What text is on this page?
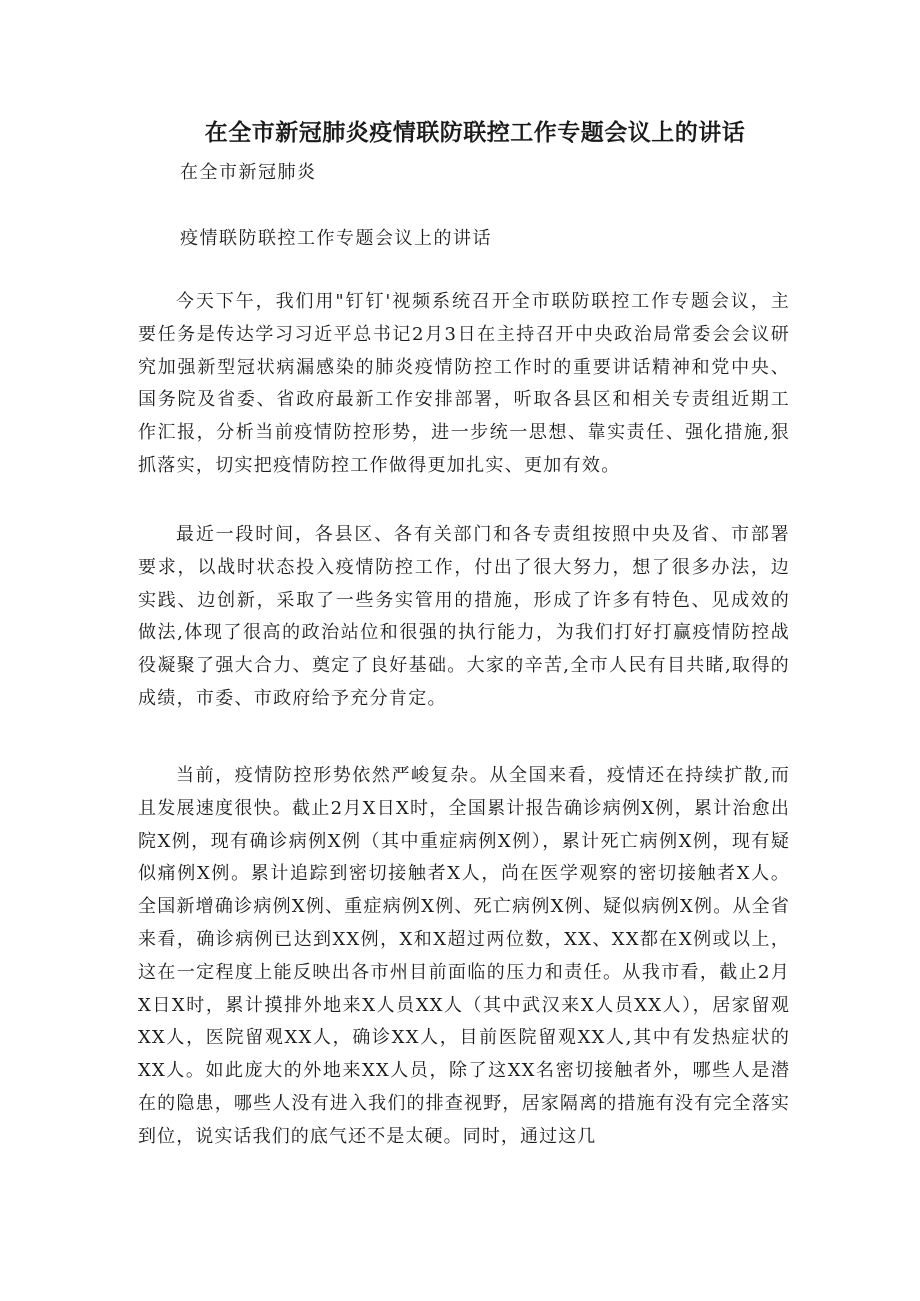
在全市新冠肺炎疫情联防联控工作专题会议上的讲话

在全市新冠肺炎

疫情联防联控工作专题会议上的讲话

今天下午，我们用"钉钉'视频系统召开全市联防联控工作专题会议，主要任务是传达学习习近平总书记2月3日在主持召开中央政治局常委会会议研究加强新型冠状病漏感染的肺炎疫情防控工作时的重要讲话精神和党中央、国务院及省委、省政府最新工作安排部署，听取各县区和相关专责组近期工作汇报，分析当前疫情防控形势，进一步统一思想、靠实责任、强化措施,狠抓落实，切实把疫情防控工作做得更加扎实、更加有效。

最近一段时间，各县区、各有关部门和各专责组按照中央及省、市部署要求，以战时状态投入疫情防控工作，付出了很大努力，想了很多办法，边实践、边创新，采取了一些务实管用的措施，形成了许多有特色、见成效的做法,体现了很高的政治站位和很强的执行能力，为我们打好打赢疫情防控战役凝聚了强大合力、奠定了良好基础。大家的辛苦,全市人民有目共睹,取得的成绩，市委、市政府给予充分肯定。

当前，疫情防控形势依然严峻复杂。从全国来看，疫情还在持续扩散,而且发展速度很快。截止2月X日X时，全国累计报告确诊病例X例，累计治愈出院X例，现有确诊病例X例（其中重症病例X例），累计死亡病例X例，现有疑似痛例X例。累计追踪到密切接触者X人，尚在医学观察的密切接触者X人。全国新增确诊病例X例、重症病例X例、死亡病例X例、疑似病例X例。从全省来看，确诊病例已达到XX例，X和X超过两位数，XX、XX都在X例或以上，这在一定程度上能反映出各市州目前面临的压力和责任。从我市看，截止2月X日X时，累计摸排外地来X人员XX人（其中武汉来X人员XX人），居家留观XX人，医院留观XX人，确诊XX人，目前医院留观XX人,其中有发热症状的XX人。如此庞大的外地来XX人员，除了这XX名密切接触者外，哪些人是潜在的隐患，哪些人没有进入我们的排查视野，居家隔离的措施有没有完全落实到位，说实话我们的底气还不是太硬。同时，通过这几
